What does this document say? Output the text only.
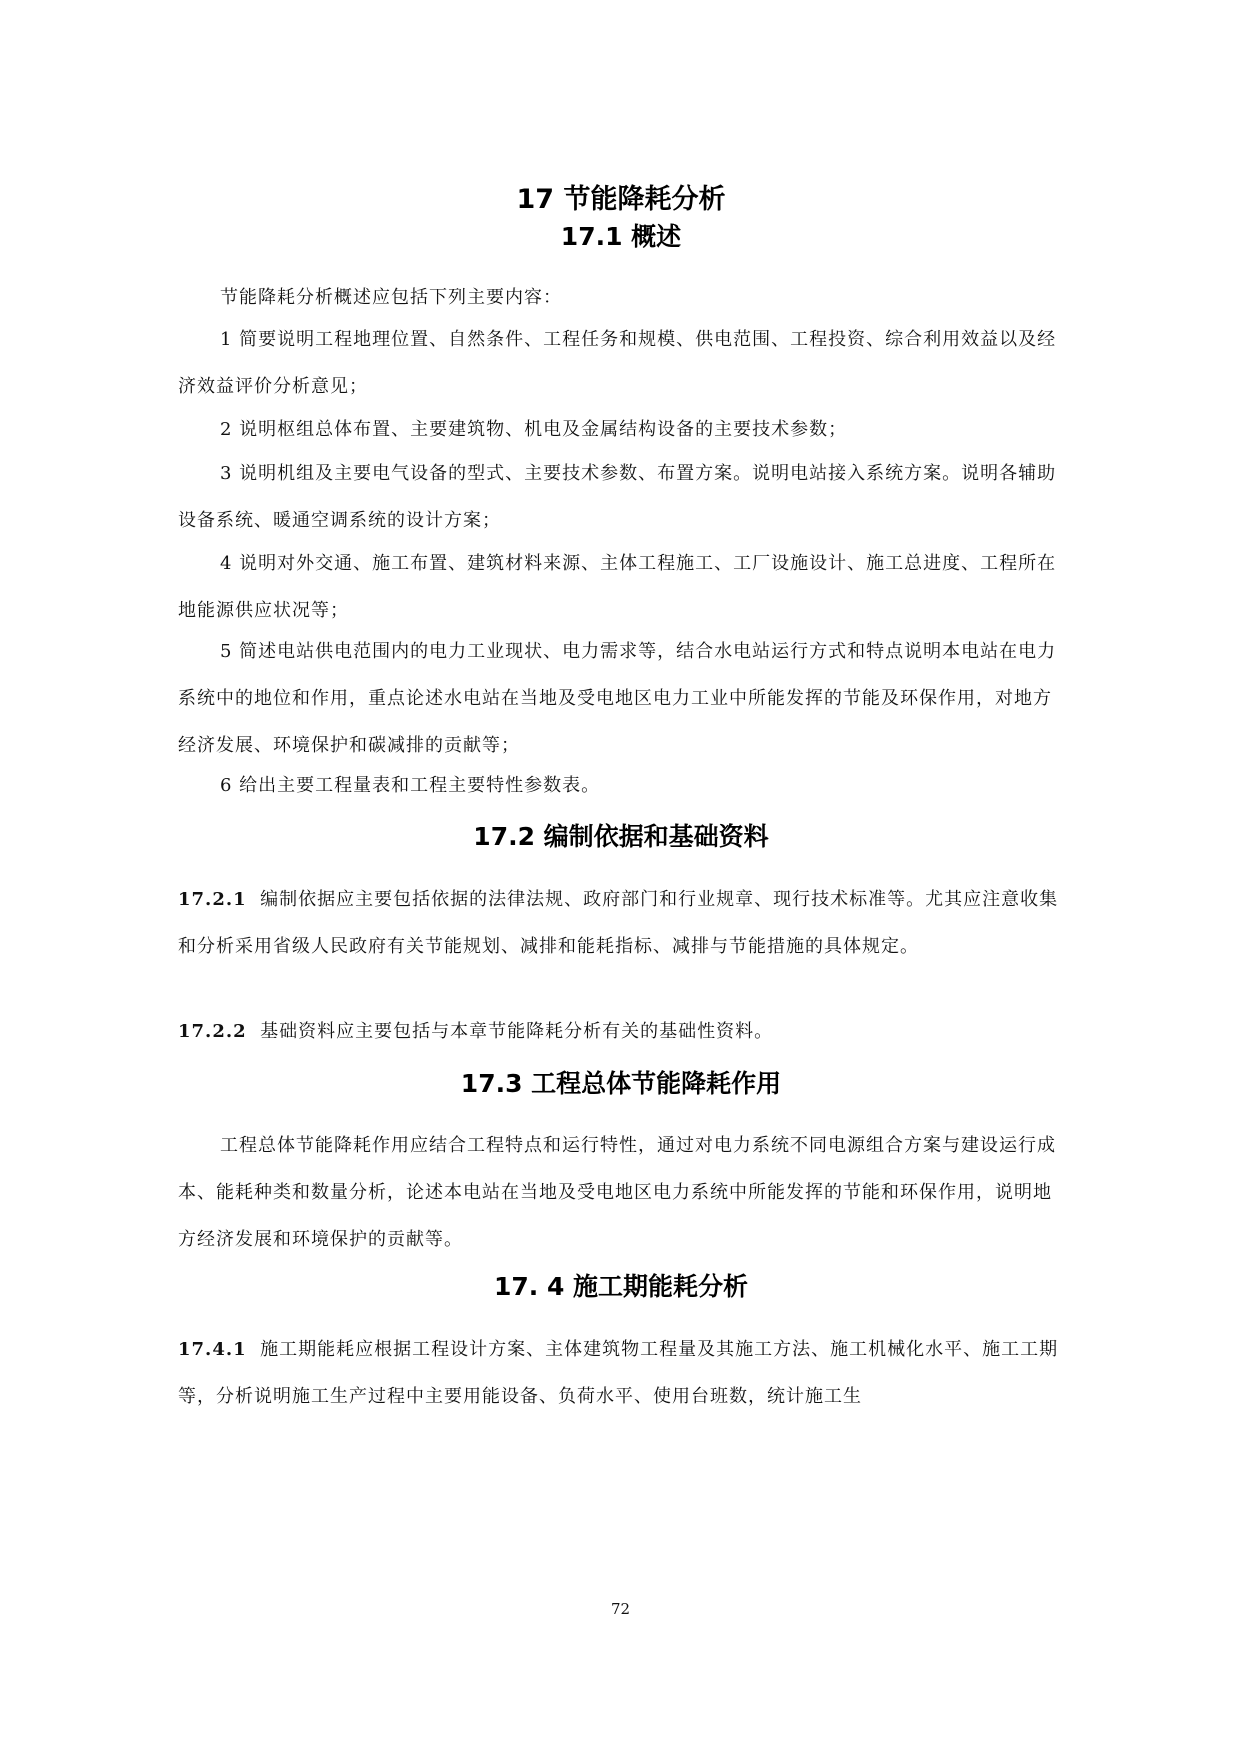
17 节能降耗分析
17.1 概述

节能降耗分析概述应包括下列主要内容：

1 简要说明工程地理位置、自然条件、工程任务和规模、供电范围、工程投资、综合利用效益以及经济效益评价分析意见；

2 说明枢组总体布置、主要建筑物、机电及金属结构设备的主要技术参数；

3 说明机组及主要电气设备的型式、主要技术参数、布置方案。说明电站接入系统方案。说明各辅助设备系统、暖通空调系统的设计方案；

4 说明对外交通、施工布置、建筑材料来源、主体工程施工、工厂设施设计、施工总进度、工程所在地能源供应状况等；

5 简述电站供电范围内的电力工业现状、电力需求等，结合水电站运行方式和特点说明本电站在电力系统中的地位和作用，重点论述水电站在当地及受电地区电力工业中所能发挥的节能及环保作用，对地方经济发展、环境保护和碳减排的贡献等；

6 给出主要工程量表和工程主要特性参数表。

17.2 编制依据和基础资料

17.2.1 编制依据应主要包括依据的法律法规、政府部门和行业规章、现行技术标准等。尤其应注意收集和分析采用省级人民政府有关节能规划、减排和能耗指标、减排与节能措施的具体规定。

17.2.2 基础资料应主要包括与本章节能降耗分析有关的基础性资料。

17.3 工程总体节能降耗作用

工程总体节能降耗作用应结合工程特点和运行特性，通过对电力系统不同电源组合方案与建设运行成本、能耗种类和数量分析，论述本电站在当地及受电地区电力系统中所能发挥的节能和环保作用，说明地方经济发展和环境保护的贡献等。

17. 4 施工期能耗分析

17.4.1 施工期能耗应根据工程设计方案、主体建筑物工程量及其施工方法、施工机械化水平、施工工期等，分析说明施工生产过程中主要用能设备、负荷水平、使用台班数，统计施工生

72
